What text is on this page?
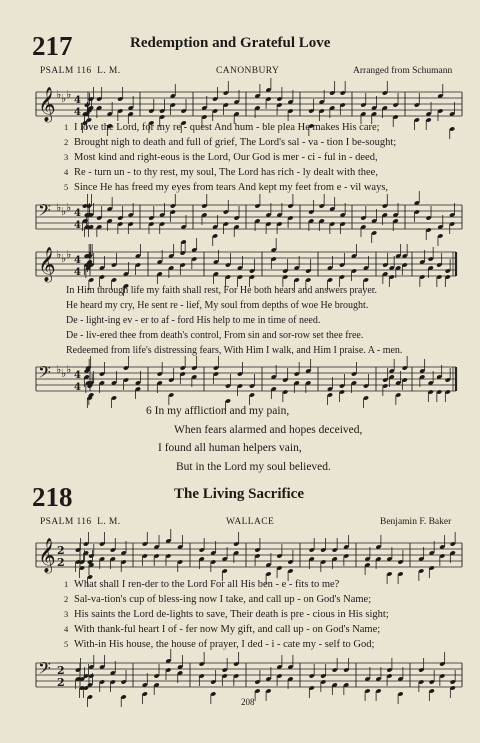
217	Redemption and Grateful Love
PSALM 116 L. M.	CANONBURY	Arranged from Schumann
𝄞 ♭ ♭ ♭ 4
4
1 I love the Lord, for my re - quest And hum - ble plea He makes His care;
2 Brought nigh to death and full of grief, The Lord's sal - va - tion I be-sought;
3 Most kind and right-eous is the Lord, Our God is mer - ci - ful in - deed,
4 Re - turn un - to thy rest, my soul, The Lord has rich - ly dealt with thee,
5 Since He has freed my eyes from tears And kept my feet from e - vil ways,
𝄢 ♭ ♭ ♭ 4
4
𝄞 ♭ ♭ ♭ 4
4
In Him through life my faith shall rest, For He both hears and answers prayer.
He heard my cry, He sent re - lief, My soul from depths of woe He brought.
De - light-ing ev - er to af - ford His help to me in time of need.
De - liv-ered thee from death's control, From sin and sor-row set thee free.
Redeemed from life's distressing fears, With Him I walk, and Him I praise. A - men.
𝄢 ♭ ♭ ♭ 4
4
6 In my affliction and my pain,
When fears alarmed and hopes deceived,
I found all human helpers vain,
But in the Lord my soul believed.
218	The Living Sacrifice
PSALM 116 L. M.	WALLACE	Benjamin F. Baker
𝄞 2
2
1 What shall I ren-der to the Lord For all His ben - e - fits to me?
2 Sal-va-tion's cup of bless-ing now I take, and call up - on God's Name;
3 His saints the Lord de-lights to save, Their death is pre - cious in His sight;
4 With thank-ful heart I of - fer now My gift, and call up - on God's Name;
5 With-in His house, the house of prayer, I ded - i - cate my - self to God;
𝄢 2
2
208
